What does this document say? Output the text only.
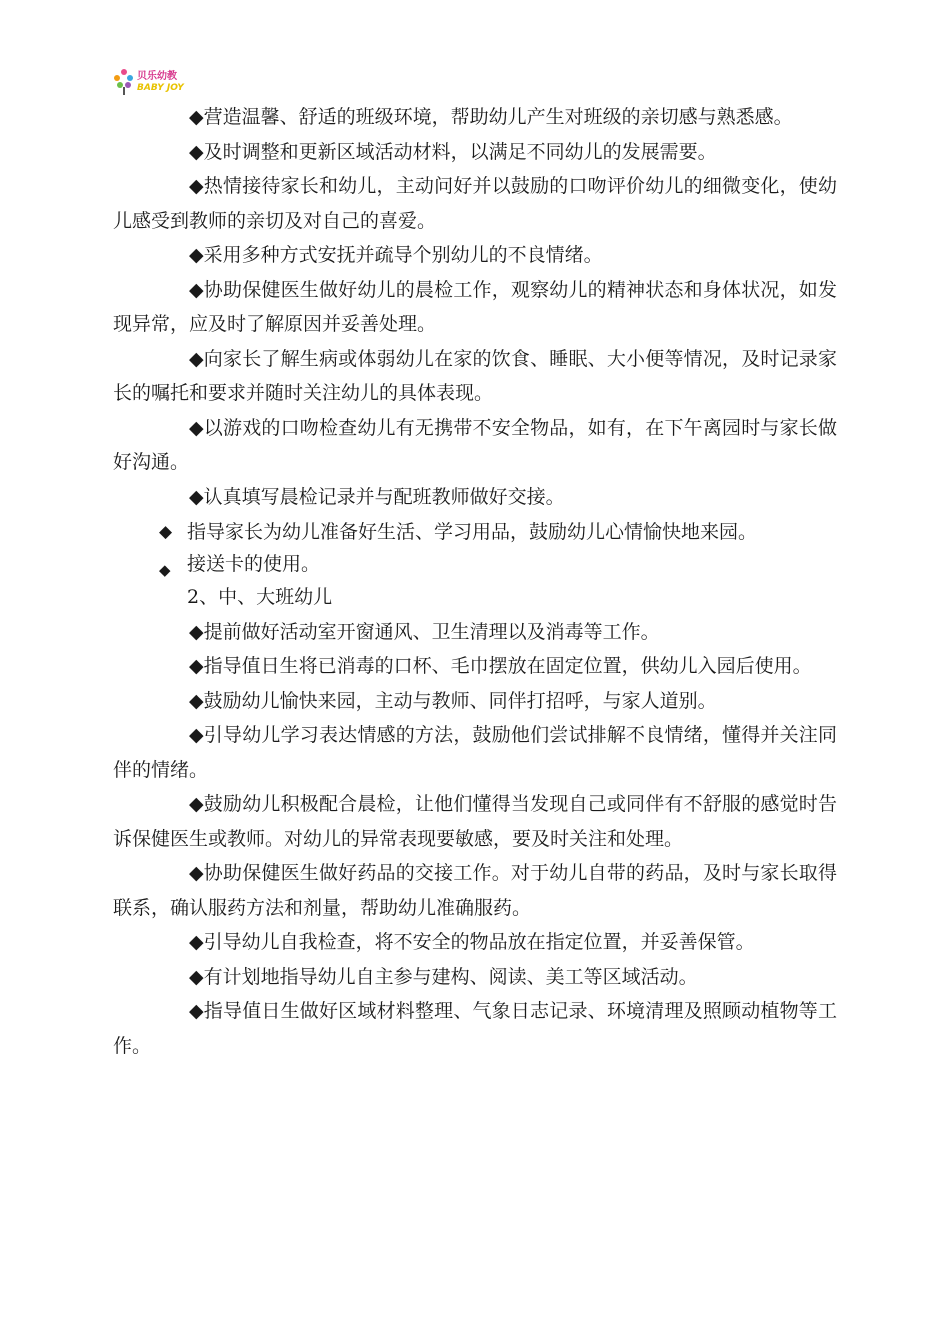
贝乐幼教
BABY JOY

◆营造温馨、舒适的班级环境，帮助幼儿产生对班级的亲切感与熟悉感。

◆及时调整和更新区域活动材料，以满足不同幼儿的发展需要。

◆热情接待家长和幼儿，主动问好并以鼓励的口吻评价幼儿的细微变化，使幼儿感受到教师的亲切及对自己的喜爱。

◆采用多种方式安抚并疏导个别幼儿的不良情绪。

◆协助保健医生做好幼儿的晨检工作，观察幼儿的精神状态和身体状况，如发现异常，应及时了解原因并妥善处理。

◆向家长了解生病或体弱幼儿在家的饮食、睡眠、大小便等情况，及时记录家长的嘱托和要求并随时关注幼儿的具体表现。

◆以游戏的口吻检查幼儿有无携带不安全物品，如有，在下午离园时与家长做好沟通。

◆认真填写晨检记录并与配班教师做好交接。

◆ 指导家长为幼儿准备好生活、学习用品，鼓励幼儿心情愉快地来园。
◆ 接送卡的使用。

2、中、大班幼儿

◆提前做好活动室开窗通风、卫生清理以及消毒等工作。

◆指导值日生将已消毒的口杯、毛巾摆放在固定位置，供幼儿入园后使用。

◆鼓励幼儿愉快来园，主动与教师、同伴打招呼，与家人道别。

◆引导幼儿学习表达情感的方法，鼓励他们尝试排解不良情绪，懂得并关注同伴的情绪。

◆鼓励幼儿积极配合晨检，让他们懂得当发现自己或同伴有不舒服的感觉时告诉保健医生或教师。对幼儿的异常表现要敏感，要及时关注和处理。

◆协助保健医生做好药品的交接工作。对于幼儿自带的药品，及时与家长取得联系，确认服药方法和剂量，帮助幼儿准确服药。

◆引导幼儿自我检查，将不安全的物品放在指定位置，并妥善保管。

◆有计划地指导幼儿自主参与建构、阅读、美工等区域活动。

◆指导值日生做好区域材料整理、气象日志记录、环境清理及照顾动植物等工作。
